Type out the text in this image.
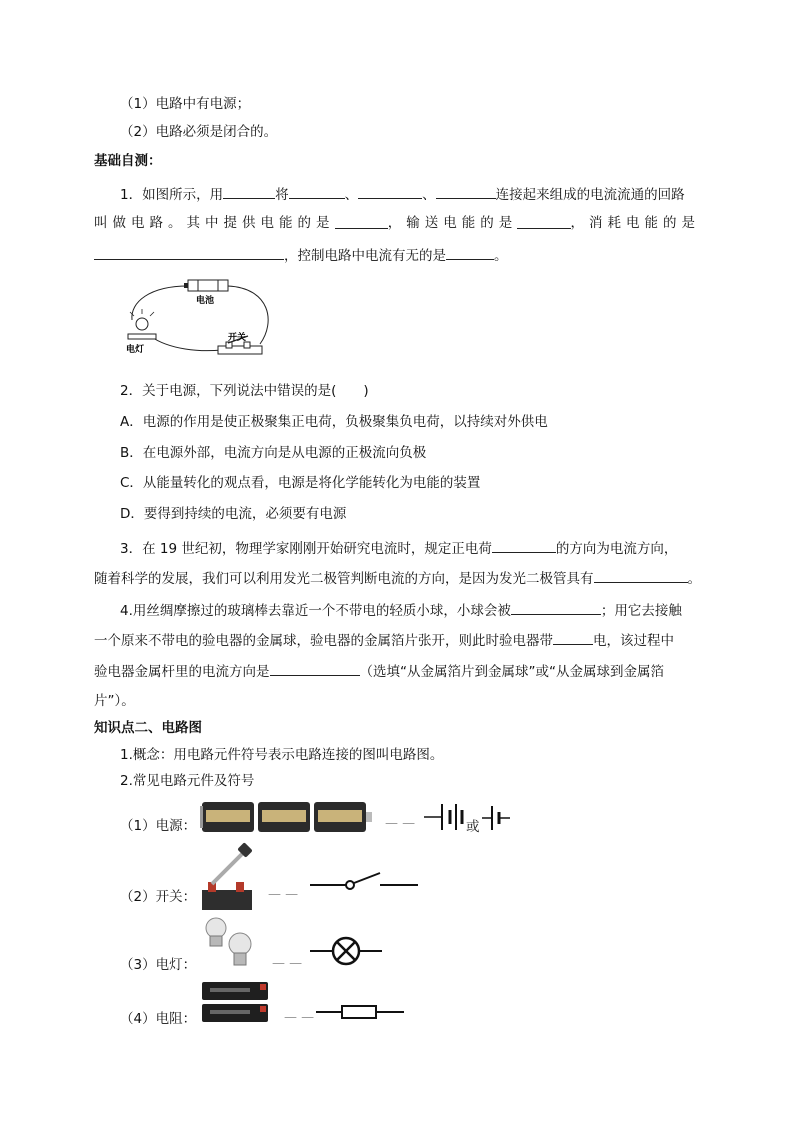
（1）电路中有电源；
（2）电路必须是闭合的。
基础自测：
1．如图所示，用	将	、	、	连接起来组成的电流流通的回路
叫做电路。其中提供电能的是	，输送电能的是	，消耗电能的是
，控制电路中电流有无的是	。
电池
电灯
开关
2．关于电源，下列说法中错误的是(　　)
A．电源的作用是使正极聚集正电荷，负极聚集负电荷，以持续对外供电
B．在电源外部，电流方向是从电源的正极流向负极
C．从能量转化的观点看，电源是将化学能转化为电能的装置
D．要得到持续的电流，必须要有电源
3．在 19 世纪初，物理学家刚刚开始研究电流时，规定正电荷	的方向为电流方向，
随着科学的发展，我们可以利用发光二极管判断电流的方向，是因为发光二极管具有	。
4.用丝绸摩擦过的玻璃棒去靠近一个不带电的轻质小球，小球会被	；用它去接触
一个原来不带电的验电器的金属球，验电器的金属箔片张开，则此时验电器带	电，该过程中
验电器金属杆里的电流方向是	（选填“从金属箔片到金属球”或“从金属球到金属箔
片”）。
知识点二、电路图
1.概念：用电路元件符号表示电路连接的图叫电路图。
2.常见电路元件及符号
（1）电源：	— —	或
（2）开关：	— —
（3）电灯：	— —
（4）电阻：	— —
